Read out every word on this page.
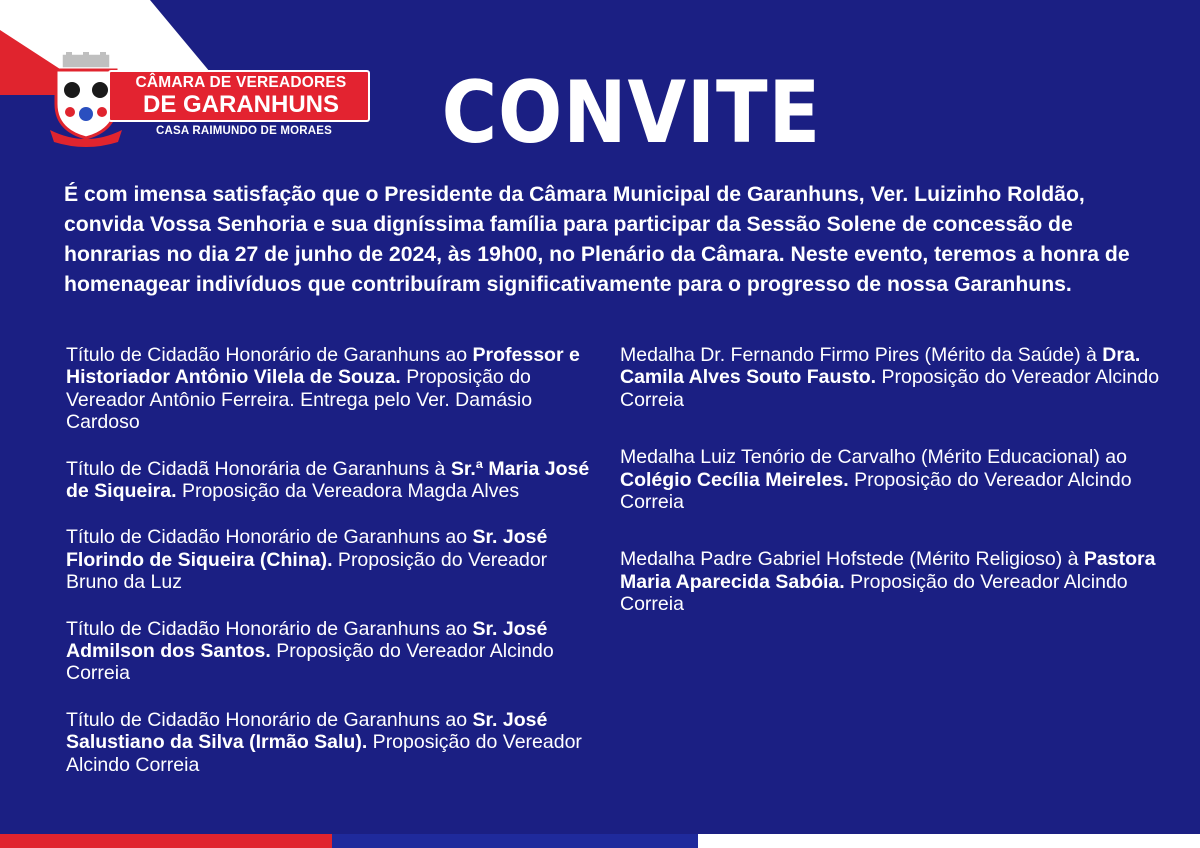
CÂMARA DE VEREADORES
DE GARANHUNS
CASA RAIMUNDO DE MORAES CONVITE
É com imensa satisfação que o Presidente da Câmara Municipal de Garanhuns, Ver. Luizinho Roldão, convida Vossa Senhoria e sua digníssima família para participar da Sessão Solene de concessão de honrarias no dia 27 de junho de 2024, às 19h00, no Plenário da Câmara. Neste evento, teremos a honra de homenagear indivíduos que contribuíram significativamente para o progresso de nossa Garanhuns.
Título de Cidadão Honorário de Garanhuns ao Professor e Historiador Antônio Vilela de Souza. Proposição do Vereador Antônio Ferreira. Entrega pelo Ver. Damásio Cardoso
Título de Cidadã Honorária de Garanhuns à Sr.ª Maria José de Siqueira. Proposição da Vereadora Magda Alves
Título de Cidadão Honorário de Garanhuns ao Sr. José Florindo de Siqueira (China). Proposição do Vereador Bruno da Luz
Título de Cidadão Honorário de Garanhuns ao Sr. José Admilson dos Santos. Proposição do Vereador Alcindo Correia
Título de Cidadão Honorário de Garanhuns ao Sr. José Salustiano da Silva (Irmão Salu). Proposição do Vereador Alcindo Correia
Medalha Dr. Fernando Firmo Pires (Mérito da Saúde) à Dra. Camila Alves Souto Fausto. Proposição do Vereador Alcindo Correia
Medalha Luiz Tenório de Carvalho (Mérito Educacional) ao Colégio Cecília Meireles. Proposição do Vereador Alcindo Correia
Medalha Padre Gabriel Hofstede (Mérito Religioso) à Pastora Maria Aparecida Sabóia. Proposição do Vereador Alcindo Correia
